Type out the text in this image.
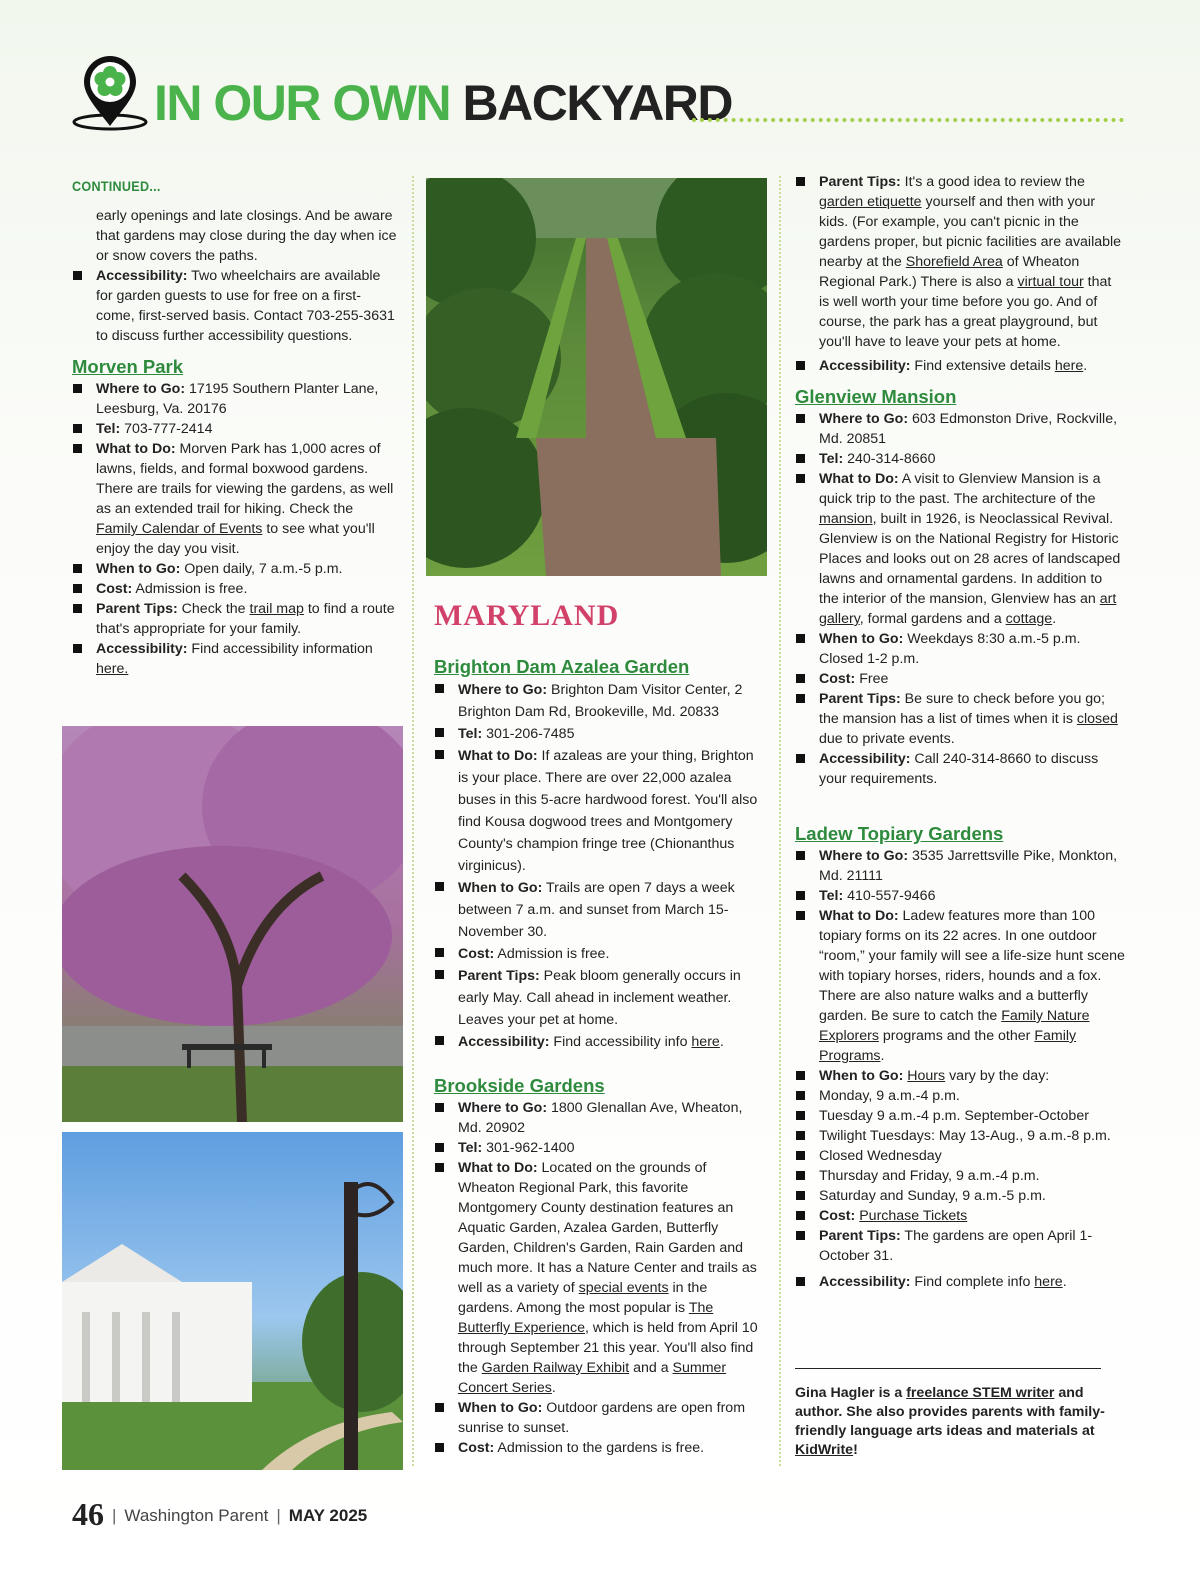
IN OUR OWN BACKYARD
CONTINUED...
early openings and late closings. And be aware that gardens may close during the day when ice or snow covers the paths.
Accessibility: Two wheelchairs are available for garden guests to use for free on a first-come, first-served basis. Contact 703-255-3631 to discuss further accessibility questions.
Morven Park
Where to Go: 17195 Southern Planter Lane, Leesburg, Va. 20176
Tel: 703-777-2414
What to Do: Morven Park has 1,000 acres of lawns, fields, and formal boxwood gardens. There are trails for viewing the gardens, as well as an extended trail for hiking. Check the Family Calendar of Events to see what you'll enjoy the day you visit.
When to Go: Open daily, 7 a.m.-5 p.m.
Cost: Admission is free.
Parent Tips: Check the trail map to find a route that's appropriate for your family.
Accessibility: Find accessibility information here.
MARYLAND
Brighton Dam Azalea Garden
Where to Go: Brighton Dam Visitor Center, 2 Brighton Dam Rd, Brookeville, Md. 20833
Tel: 301-206-7485
What to Do: If azaleas are your thing, Brighton is your place. There are over 22,000 azalea buses in this 5-acre hardwood forest. You'll also find Kousa dogwood trees and Montgomery County's champion fringe tree (Chionanthus virginicus).
When to Go: Trails are open 7 days a week between 7 a.m. and sunset from March 15-November 30.
Cost: Admission is free.
Parent Tips: Peak bloom generally occurs in early May. Call ahead in inclement weather. Leaves your pet at home.
Accessibility: Find accessibility info here.
Brookside Gardens
Where to Go: 1800 Glenallan Ave, Wheaton, Md. 20902
Tel: 301-962-1400
What to Do: Located on the grounds of Wheaton Regional Park, this favorite Montgomery County destination features an Aquatic Garden, Azalea Garden, Butterfly Garden, Children's Garden, Rain Garden and much more. It has a Nature Center and trails as well as a variety of special events in the gardens. Among the most popular is The Butterfly Experience, which is held from April 10 through September 21 this year. You'll also find the Garden Railway Exhibit and a Summer Concert Series.
When to Go: Outdoor gardens are open from sunrise to sunset.
Cost: Admission to the gardens is free.
Parent Tips: It's a good idea to review the garden etiquette yourself and then with your kids. (For example, you can't picnic in the gardens proper, but picnic facilities are available nearby at the Shorefield Area of Wheaton Regional Park.) There is also a virtual tour that is well worth your time before you go. And of course, the park has a great playground, but you'll have to leave your pets at home.
Accessibility: Find extensive details here.
Glenview Mansion
Where to Go: 603 Edmonston Drive, Rockville, Md. 20851
Tel: 240-314-8660
What to Do: A visit to Glenview Mansion is a quick trip to the past. The architecture of the mansion, built in 1926, is Neoclassical Revival. Glenview is on the National Registry for Historic Places and looks out on 28 acres of landscaped lawns and ornamental gardens. In addition to the interior of the mansion, Glenview has an art gallery, formal gardens and a cottage.
When to Go: Weekdays 8:30 a.m.-5 p.m. Closed 1-2 p.m.
Cost: Free
Parent Tips: Be sure to check before you go; the mansion has a list of times when it is closed due to private events.
Accessibility: Call 240-314-8660 to discuss your requirements.
Ladew Topiary Gardens
Where to Go: 3535 Jarrettsville Pike, Monkton, Md. 21111
Tel: 410-557-9466
What to Do: Ladew features more than 100 topiary forms on its 22 acres. In one outdoor “room,” your family will see a life-size hunt scene with topiary horses, riders, hounds and a fox. There are also nature walks and a butterfly garden. Be sure to catch the Family Nature Explorers programs and the other Family Programs.
When to Go: Hours vary by the day:
Monday, 9 a.m.-4 p.m.
Tuesday 9 a.m.-4 p.m. September-October
Twilight Tuesdays: May 13-Aug., 9 a.m.-8 p.m.
Closed Wednesday
Thursday and Friday, 9 a.m.-4 p.m.
Saturday and Sunday, 9 a.m.-5 p.m.
Cost: Purchase Tickets
Parent Tips: The gardens are open April 1-October 31.
Accessibility: Find complete info here.
Gina Hagler is a freelance STEM writer and author. She also provides parents with family-friendly language arts ideas and materials at KidWrite!
46 | Washington Parent | MAY 2025
